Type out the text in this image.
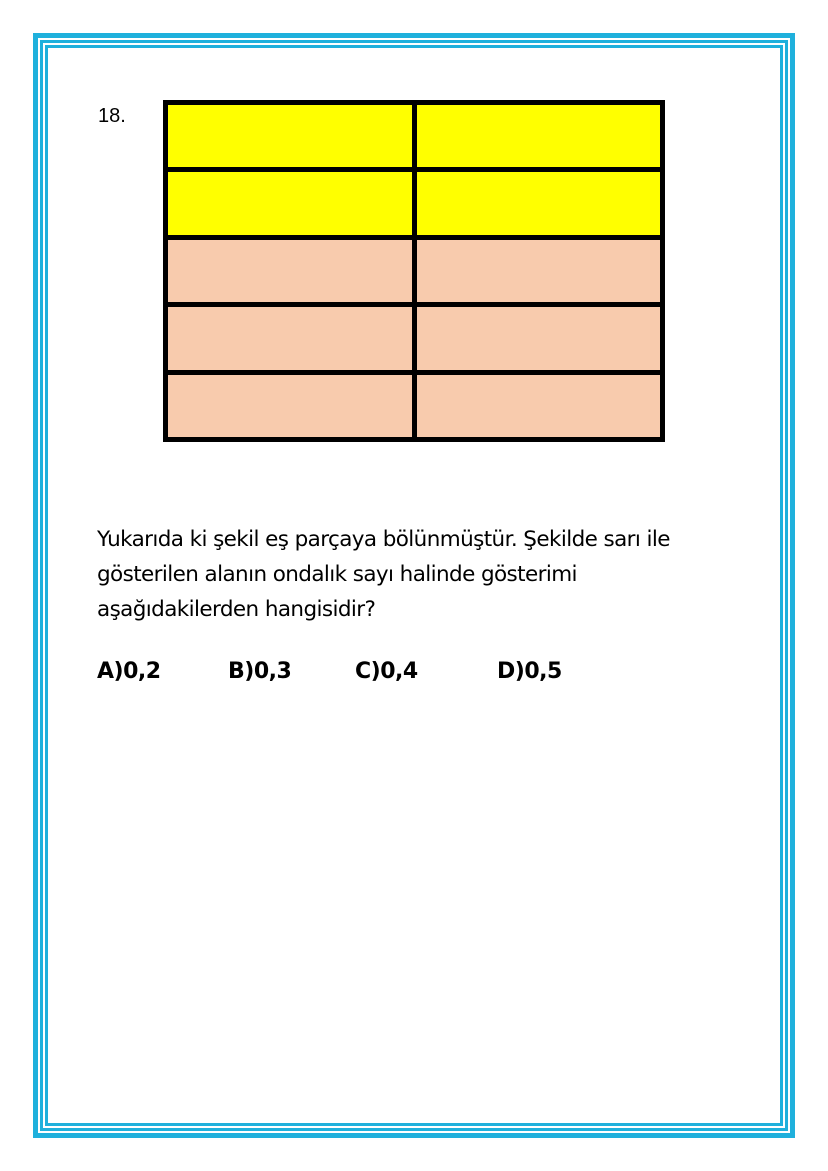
18.
Yukarıda ki şekil eş parçaya bölünmüştür. Şekilde sarı ile gösterilen alanın ondalık sayı halinde gösterimi aşağıdakilerden hangisidir?
A)0,2	B)0,3	C)0,4	D)0,5
